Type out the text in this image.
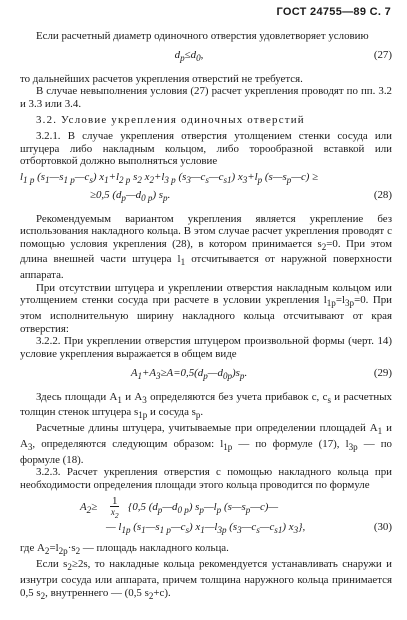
ГОСТ 24755—89 С. 7

Если расчетный диаметр одиночного отверстия удовлетворяет условию

$d_p\le d_0$,	(27)

то дальнейших расчетов укрепления отверстий не требуется.

В случае невыполнения условия (27) расчет укрепления проводят по пп. 3.2 и 3.3 или 3.4.

3.2. Условие укрепления одиночных отверстий

3.2.1. В случае укрепления отверстия утолщением стенки сосуда или штуцера либо накладным кольцом, либо торообразной вставкой или отбортовкой должно выполняться условие

$l_{1 p}$ $(s_1—s_{1 p}—c_s)$ $x_1+l_{2 p}$ $s_2$ $x_2+l_{3 p}$ $(s_3—c_s—c_{s1})$ $x_3+l_p$ $(s—s_p—c)$ ≥
≥0,5 $(d_p—d_{0 p})$ $s_p$.	(28)

Рекомендуемым вариантом укрепления является укрепление без использования накладного кольца. В этом случае расчет укрепления проводят с помощью условия укрепления (28), в котором принимается $s_2=0$. При этом длина внешней части штуцера $l_1$ отсчитывается от наружной поверхности аппарата.

При отсутствии штуцера и укреплении отверстия накладным кольцом или утолщением стенки сосуда при расчете в условии укрепления $l_{1p}=l_{3p}=0$. При этом исполнительную ширину накладного кольца отсчитывают от края отверстия:

3.2.2. При укреплении отверстия штуцером произвольной формы (черт. 14) условие укрепления выражается в общем виде

$A_1+A_3\ge A=0,5(d_p—d_{0p})s_p$.	(29)

Здесь площади $A_1$ и $A_3$ определяются без учета прибавок c, $c_s$ и расчетных толщин стенок штуцера $s_{1p}$ и сосуда $s_p$.

Расчетные длины штуцера, учитываемые при определении площадей $A_1$ и $A_3$, определяются следующим образом: $l_{1p}$ — по формуле (17), $l_{3p}$ — по формуле (18).

3.2.3. Расчет укрепления отверстия с помощью накладного кольца при необходимости определения площади этого кольца проводится по формуле

$A_2\ge 1$
$x_2$
{0,5 $(d_p—d_{0 p})$ $s_p—l_p$ $(s—s_p—c)—$
— $l_{1p}$ $(s_1—s_{1 p}—c_s)$ $x_1—l_{3p}$ $(s_3—c_s—c_{s1})$ $x_3$},	(30)

где $A_2=l_{2p}\cdot s_2$ — площадь накладного кольца.

Если $s_2\ge 2s$, то накладные кольца рекомендуется устанавливать снаружи и изнутри сосуда или аппарата, причем толщина наружного кольца принимается 0,5 $s_2$, внутреннего — (0,5 $s_2+c$).
